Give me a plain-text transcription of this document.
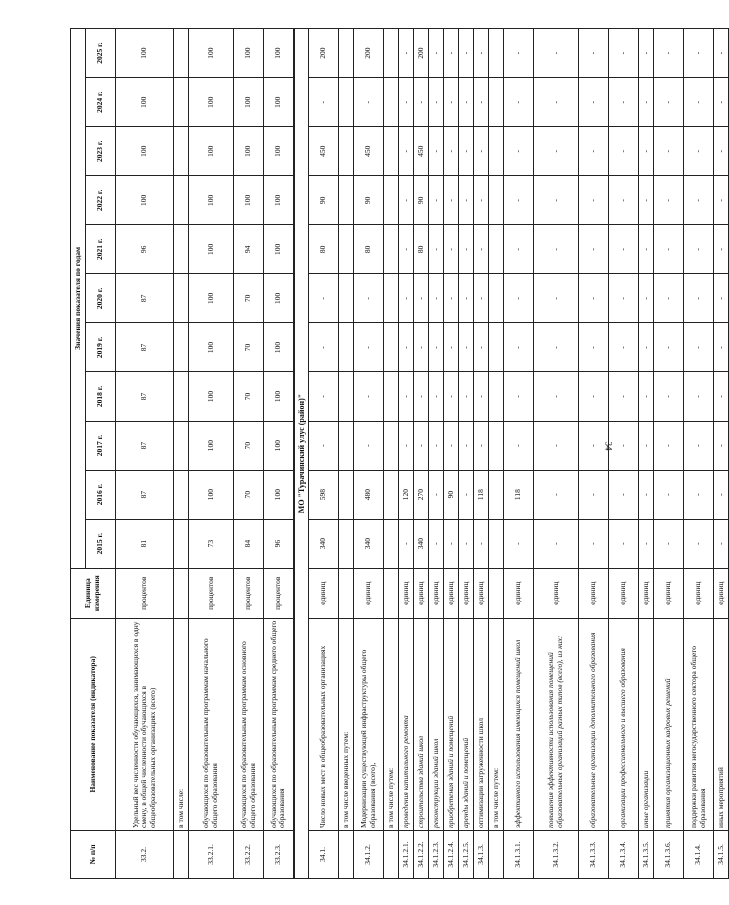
34
№ п/п	Наименование показателя (индикатора)	Единица измерения	Значения показателя по годам										
			2015 г.	2016 г.	2017 г.	2018 г.	2019 г.	2020 г.	2021 г.	2022 г.	2023 г.	2024 г.	2025 г.
33.2.	Удельный вес численности обучающихся, занимающихся в одну смену, в общей численности обучающихся в общеобразовательных организациях (всего)	процентов	81	87	87	87	87	87	96	100	100	100	100
	в том числе:												
33.2.1.	обучающихся по образовательным программам начального общего образования	процентов	73	100	100	100	100	100	100	100	100	100	100
33.2.2.	обучающихся по образовательным программам основного общего образования	процентов	84	70	70	70	70	70	94	100	100	100	100
33.2.3.	обучающихся по образовательным программам среднего общего образования	процентов	96	100	100	100	100	100	100	100	100	100	100
МО "Турачинский улус (район)"													
34.1.	Число новых мест в общеобразовательных организациях	единиц	340	598	-	-	-	-	80	90	450	-	200
	в том числе введенных путем:												
34.1.2.	Модернизации существующей инфраструктуры общего образования (всего),	единиц	340	480	-	-	-	-	80	90	450	-	200
	в том числе путем:												
34.1.2.1.	проведения капитального ремонта	единиц	-	120	-	-	-	-	-	-	-	-	-
34.1.2.2.	строительства зданий школ	единиц	340	270	-	-	-	-	80	90	450	-	200
34.1.2.3.	реконструкции зданий школ	единиц	-	-	-	-	-	-	-	-	-	-	-
34.1.2.4.	приобретения зданий и помещений	единиц	-	90	-	-	-	-	-	-	-	-	-
34.1.2.5.	аренды зданий и помещений	единиц	-	-	-	-	-	-	-	-	-	-	-
34.1.3.	оптимизации загруженности школ	единиц	-	118	-	-	-	-	-	-	-	-	-
	в том числе путем:												
34.1.3.1.	эффективного использования имеющихся помещений школ	единиц	-	118	-	-	-	-	-	-	-	-	-
34.1.3.2.	повышения эффективности использования помещений образовательных организаций разных типов (всего), из них:	единиц	-	-	-	-	-	-	-	-	-	-	-
34.1.3.3.	образовательные организации дополнительного образования	единиц	-	-	-	-	-	-	-	-	-	-	-
34.1.3.4.	организации профессионального и высшего образования	единиц	-	-	-	-	-	-	-	-	-	-	-
34.1.3.5.	иные организации	единиц	-	-	-	-	-	-	-	-	-	-	-
34.1.3.6.	принятия организационных кадровых решений	единиц	-	-	-	-	-	-	-	-	-	-	-
34.1.4.	поддержки развития негосударственного сектора общего образования	единиц	-	-	-	-	-	-	-	-	-	-	-
34.1.5.	иных мероприятий	единиц	-	-	-	-	-	-	-	-	-	-	-
